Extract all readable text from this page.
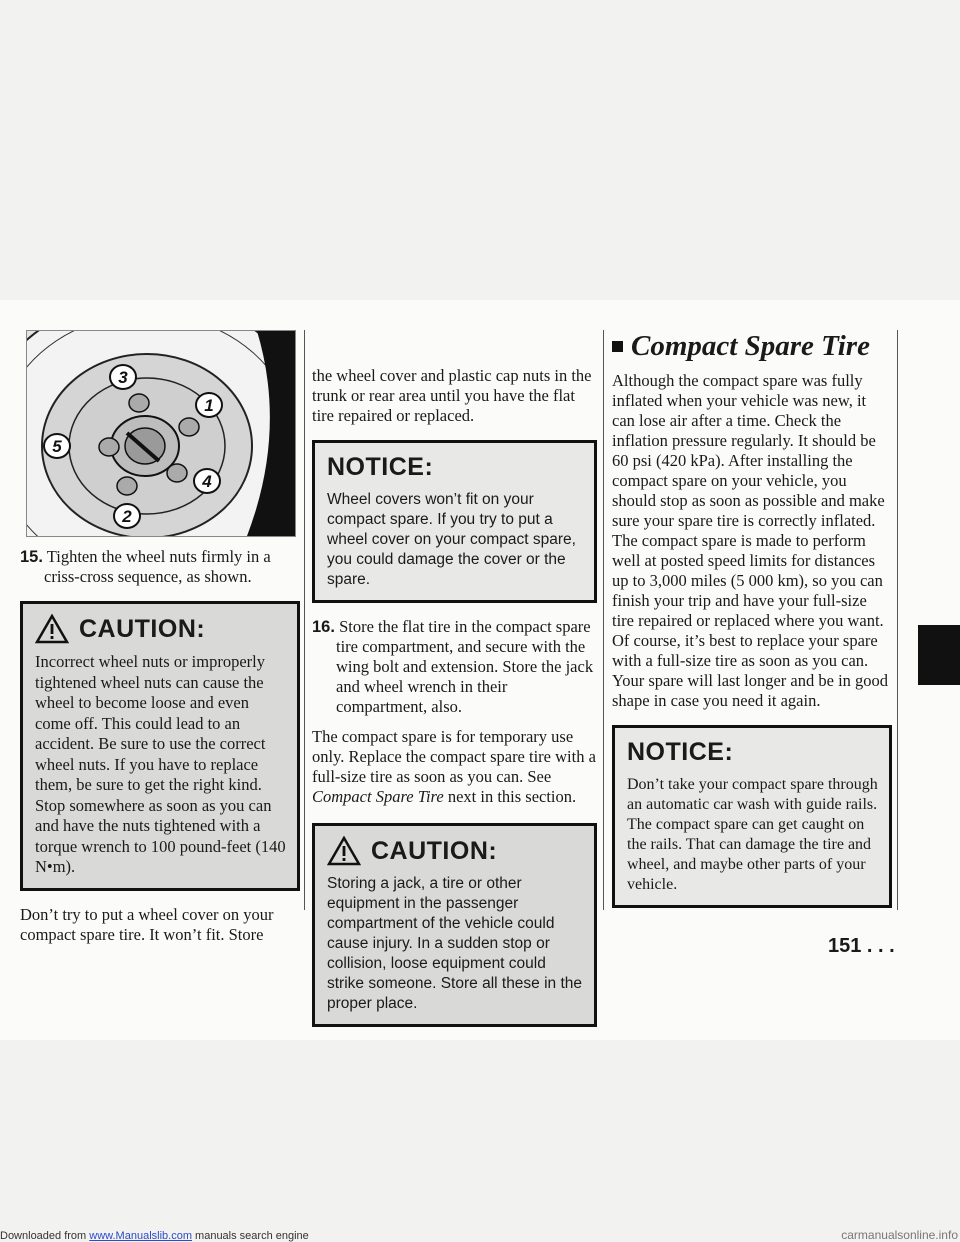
3
1
5
4
2

15. Tighten the wheel nuts firmly in a criss-cross sequence, as shown.

CAUTION:

Incorrect wheel nuts or improperly tightened wheel nuts can cause the wheel to become loose and even come off. This could lead to an accident. Be sure to use the correct wheel nuts. If you have to replace them, be sure to get the right kind. Stop somewhere as soon as you can and have the nuts tightened with a torque wrench to 100 pound-feet (140 N•m).

Don’t try to put a wheel cover on your compact spare tire. It won’t fit. Store

the wheel cover and plastic cap nuts in the trunk or rear area until you have the flat tire repaired or replaced.

NOTICE:

Wheel covers won’t fit on your compact spare. If you try to put a wheel cover on your compact spare, you could damage the cover or the spare.

16. Store the flat tire in the compact spare tire compartment, and secure with the wing bolt and extension. Store the jack and wheel wrench in their compartment, also.

The compact spare is for temporary use only. Replace the compact spare tire with a full-size tire as soon as you can. See Compact Spare Tire next in this section.

CAUTION:

Storing a jack, a tire or other equipment in the passenger compartment of the vehicle could cause injury. In a sudden stop or collision, loose equipment could strike someone. Store all these in the proper place.

Compact Spare Tire

Although the compact spare was fully inflated when your vehicle was new, it can lose air after a time. Check the inflation pressure regularly. It should be 60 psi (420 kPa). After installing the compact spare on your vehicle, you should stop as soon as possible and make sure your spare tire is correctly inflated. The compact spare is made to perform well at posted speed limits for distances up to 3,000 miles (5 000 km), so you can finish your trip and have your full-size tire repaired or replaced where you want. Of course, it’s best to replace your spare with a full-size tire as soon as you can. Your spare will last longer and be in good shape in case you need it again.

NOTICE:

Don’t take your compact spare through an automatic car wash with guide rails. The compact spare can get caught on the rails. That can damage the tire and wheel, and maybe other parts of your vehicle.

151 . . .
Downloaded from www.Manualslib.com manuals search engine	carmanualsonline.info
